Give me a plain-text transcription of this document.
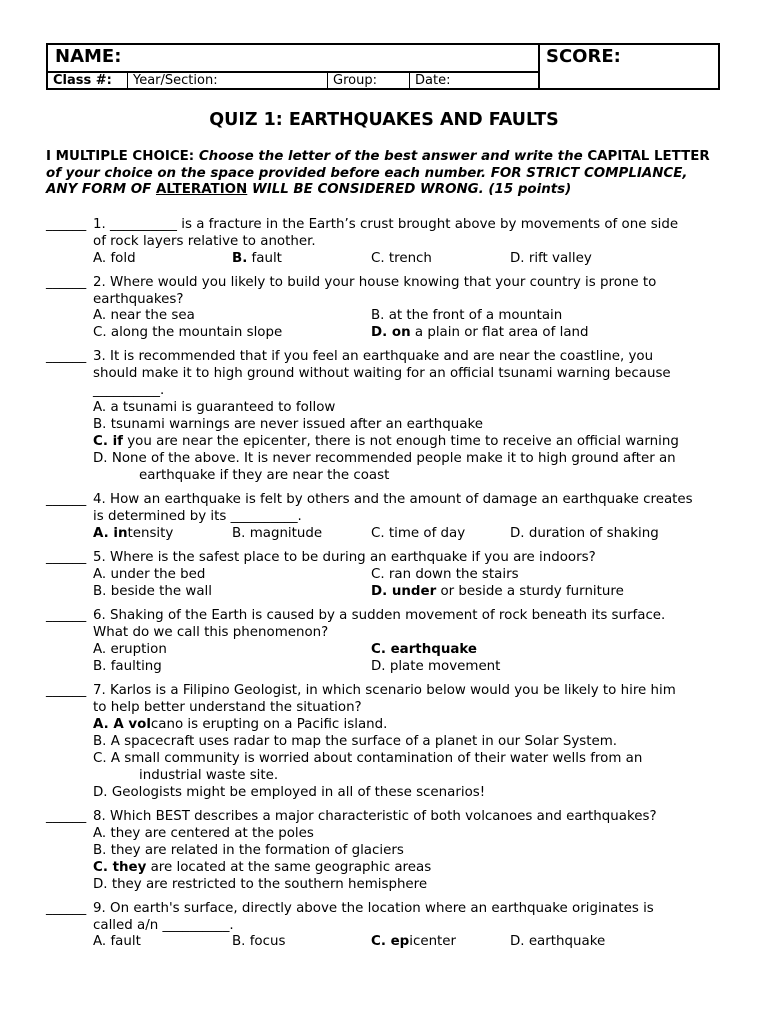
NAME:	SCORE:
Class #:	Year/Section:	Group:	Date:
QUIZ 1: EARTHQUAKES AND FAULTS
I MULTIPLE CHOICE: Choose the letter of the best answer and write the CAPITAL LETTER of your choice on the space provided before each number. FOR STRICT COMPLIANCE, ANY FORM OF ALTERATION WILL BE CONSIDERED WRONG. (15 points)
______ 1. __________ is a fracture in the Earth’s crust brought above by movements of one side
of rock layers relative to another.
A. fold	B. fault	C. trench	D. rift valley
______ 2. Where would you likely to build your house knowing that your country is prone to
earthquakes?
A. near the sea	B. at the front of a mountain
C. along the mountain slope	D. on a plain or flat area of land
______ 3. It is recommended that if you feel an earthquake and are near the coastline, you
should make it to high ground without waiting for an official tsunami warning because
__________.
A. a tsunami is guaranteed to follow
B. tsunami warnings are never issued after an earthquake
C. if you are near the epicenter, there is not enough time to receive an official warning
D. None of the above. It is never recommended people make it to high ground after an
earthquake if they are near the coast
______ 4. How an earthquake is felt by others and the amount of damage an earthquake creates
is determined by its __________.
A. intensity	B. magnitude	C. time of day	D. duration of shaking
______ 5. Where is the safest place to be during an earthquake if you are indoors?
A. under the bed	C. ran down the stairs
B. beside the wall	D. under or beside a sturdy furniture
______ 6. Shaking of the Earth is caused by a sudden movement of rock beneath its surface.
What do we call this phenomenon?
A. eruption	C. earthquake
B. faulting	D. plate movement
______ 7. Karlos is a Filipino Geologist, in which scenario below would you be likely to hire him
to help better understand the situation?
A. A volcano is erupting on a Pacific island.
B. A spacecraft uses radar to map the surface of a planet in our Solar System.
C. A small community is worried about contamination of their water wells from an
industrial waste site.
D. Geologists might be employed in all of these scenarios!
______ 8. Which BEST describes a major characteristic of both volcanoes and earthquakes?
A. they are centered at the poles
B. they are related in the formation of glaciers
C. they are located at the same geographic areas
D. they are restricted to the southern hemisphere
______ 9. On earth's surface, directly above the location where an earthquake originates is
called a/n __________.
A. fault	B. focus	C. epicenter	D. earthquake
